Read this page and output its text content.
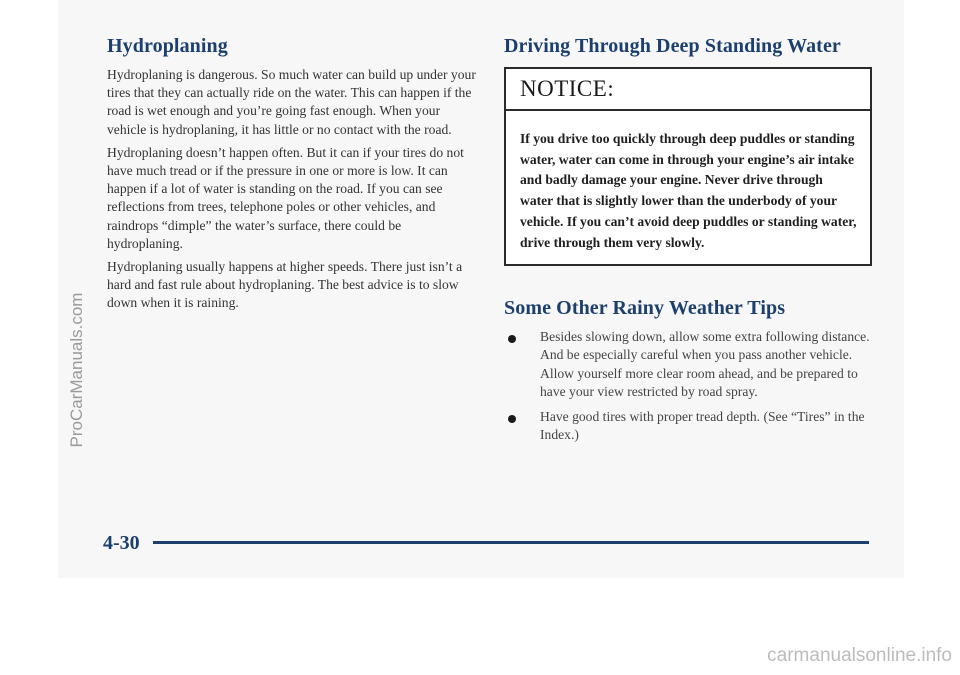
Hydroplaning

Hydroplaning is dangerous. So much water can build up under your tires that they can actually ride on the water. This can happen if the road is wet enough and you’re going fast enough. When your vehicle is hydroplaning, it has little or no contact with the road.

Hydroplaning doesn’t happen often. But it can if your tires do not have much tread or if the pressure in one or more is low. It can happen if a lot of water is standing on the road. If you can see reflections from trees, telephone poles or other vehicles, and raindrops “dimple” the water’s surface, there could be hydroplaning.

Hydroplaning usually happens at higher speeds. There just isn’t a hard and fast rule about hydroplaning. The best advice is to slow down when it is raining.

Driving Through Deep Standing Water
NOTICE:
If you drive too quickly through deep puddles or standing water, water can come in through your engine’s air intake and badly damage your engine. Never drive through water that is slightly lower than the underbody of your vehicle. If you can’t avoid deep puddles or standing water, drive through them very slowly.
Some Other Rainy Weather Tips
Besides slowing down, allow some extra following distance. And be especially careful when you pass another vehicle. Allow yourself more clear room ahead, and be prepared to have your view restricted by road spray.
Have good tires with proper tread depth. (See “Tires” in the Index.)
4-30
ProCarManuals.com
carmanualsonline.info
